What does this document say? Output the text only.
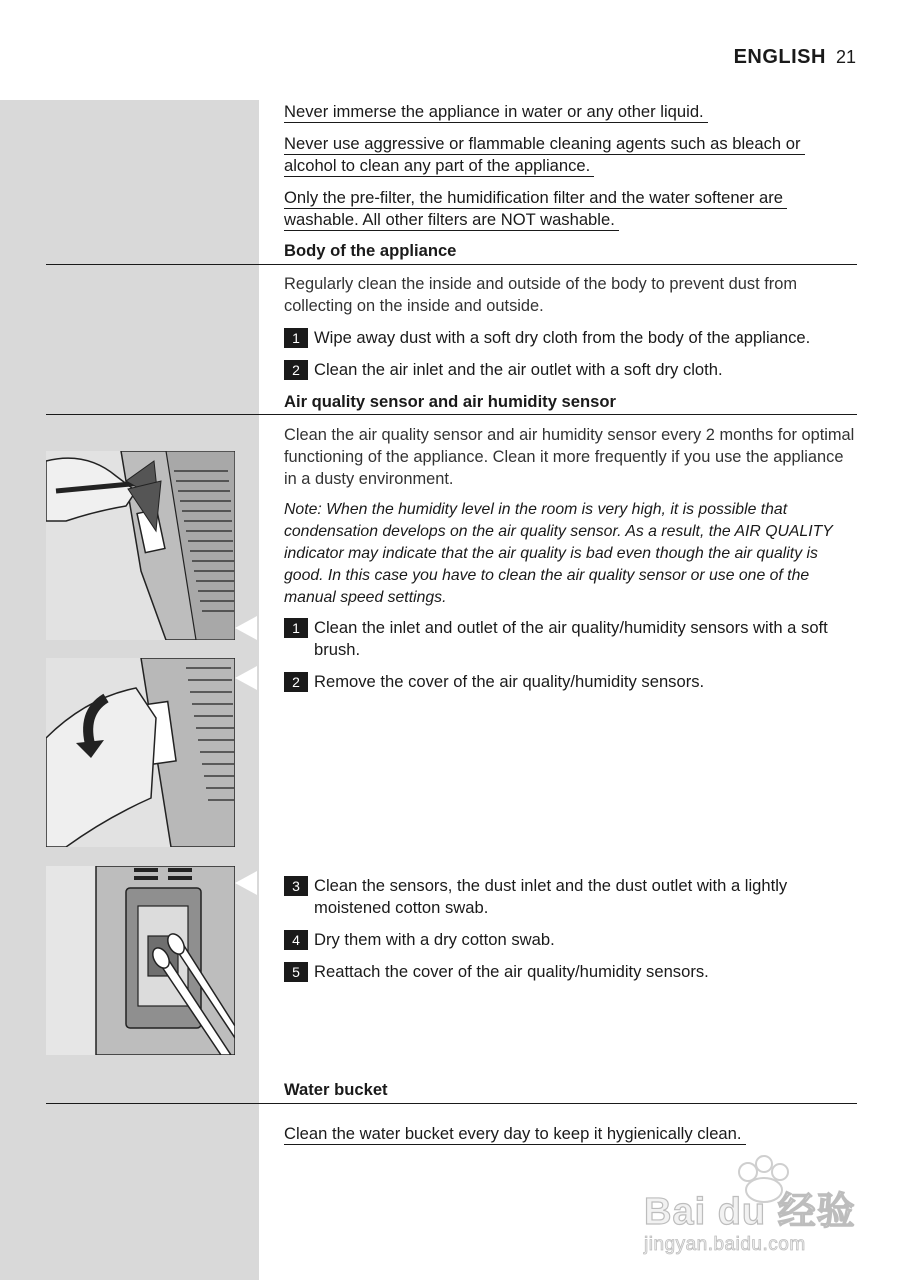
ENGLISH 21
Never immerse the appliance in water or any other liquid.
Never use aggressive or flammable cleaning agents such as bleach or
alcohol to clean any part of the appliance.
Only the pre-filter, the humidification filter and the water softener are
washable. All other filters are NOT washable.
Body of the appliance
Regularly clean the inside and outside of the body to prevent dust from collecting on the inside and outside.
1 Wipe away dust with a soft dry cloth from the body of the appliance.
2 Clean the air inlet and the air outlet with a soft dry cloth.
Air quality sensor and air humidity sensor
Clean the air quality sensor and air humidity sensor every 2 months for optimal functioning of the appliance. Clean it more frequently if you use the appliance in a dusty environment.
Note: When the humidity level in the room is very high, it is possible that condensation develops on the air quality sensor. As a result, the AIR QUALITY indicator may indicate that the air quality is bad even though the air quality is good. In this case you have to clean the air quality sensor or use one of the manual speed settings.
1 Clean the inlet and outlet of the air quality/humidity sensors with a soft brush.
2 Remove the cover of the air quality/humidity sensors.
3 Clean the sensors, the dust inlet and the dust outlet with a lightly moistened cotton swab.
4 Dry them with a dry cotton swab.
5 Reattach the cover of the air quality/humidity sensors.
Water bucket
Clean the water bucket every day to keep it hygienically clean.
Bai du 经验
jingyan.baidu.com
